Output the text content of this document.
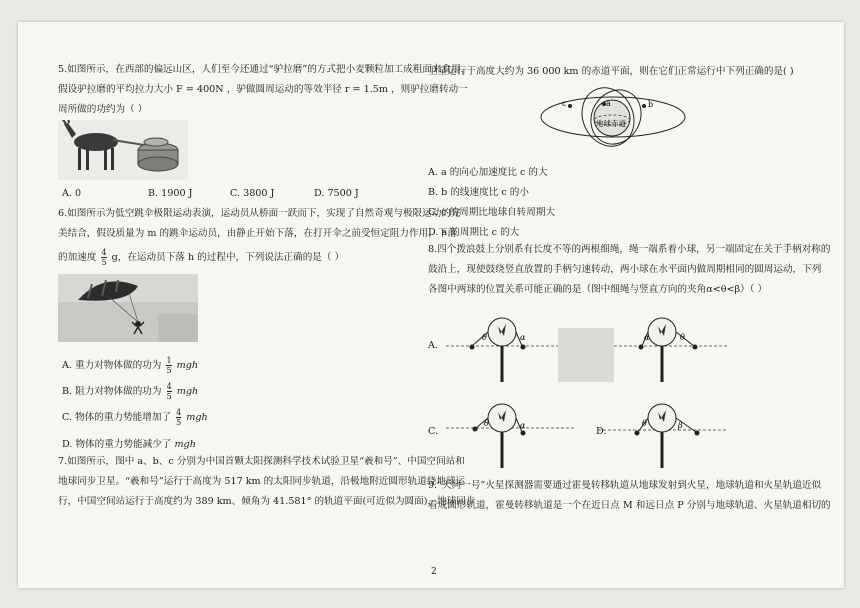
5.如图所示，在西部的偏远山区，人们至今还通过“驴拉磨”的方式把小麦颗粒加工成粗面来食用，
假设驴拉磨的平均拉力大小 F = 400N ，驴做圆周运动的等效半径 r = 1.5m ，则驴拉磨转动一
周所做的功约为（ ）
A. 0	B. 1900 J	C. 3800 J	D. 7500 J
6.如图所示为低空跳伞极限运动表演，运动员从桥面一跃而下，实现了自然奇观与极限运动的完
美结合，假设质量为 m 的跳伞运动员，由静止开始下落，在打开伞之前受恒定阻力作用，下落
的加速度 $\frac{4}{5}$ g，在运动员下落 h 的过程中，下列说法正确的是（ ）
A. 重力对物体做的功为 $\frac{1}{5}$ mgh
B. 阻力对物体做的功为 $\frac{4}{5}$ mgh
C. 物体的重力势能增加了 $\frac{4}{5}$ mgh
D. 物体的重力势能减少了 mgh
7.如图所示，图中 a、b、c 分别为中国首颗太阳探测科学技术试验卫星“羲和号”、中国空间站和
地球同步卫星。“羲和号”运行于高度为 517 km 的太阳同步轨道，沿极地附近圆形轨道绕地球运
行，中国空间站运行于高度约为 389 km、倾角为 41.581° 的轨道平面(可近似为圆面)，地球同步
卫星运行于高度大约为 36 000 km 的赤道平面，则在它们正常运行中下列正确的是( )
a	b
c
地球赤道
A. a 的向心加速度比 c 的大
B. b 的线速度比 c 的小
C. c 的周期比地球自转周期大
D. a 的周期比 c 的大
8.四个拨浪鼓上分别系有长度不等的两根细绳，绳一端系着小球，另一端固定在关于手柄对称的
鼓沿上，现使鼓绕竖直放置的手柄匀速转动，两小球在水平面内做周期相同的圆周运动，下列
各图中两球的位置关系可能正确的是（图中细绳与竖直方向的夹角α<θ<β）（ ）
A.
θ	α	α	θ
C.
θ	α
D.
θ	β
9.“天问一号”火星探测器需要通过霍曼转移轨道从地球发射到火星，地球轨道和火星轨道近似
看成圆形轨道，霍曼转移轨道是一个在近日点 M 和远日点 P 分别与地球轨道、火星轨道相切的
2
